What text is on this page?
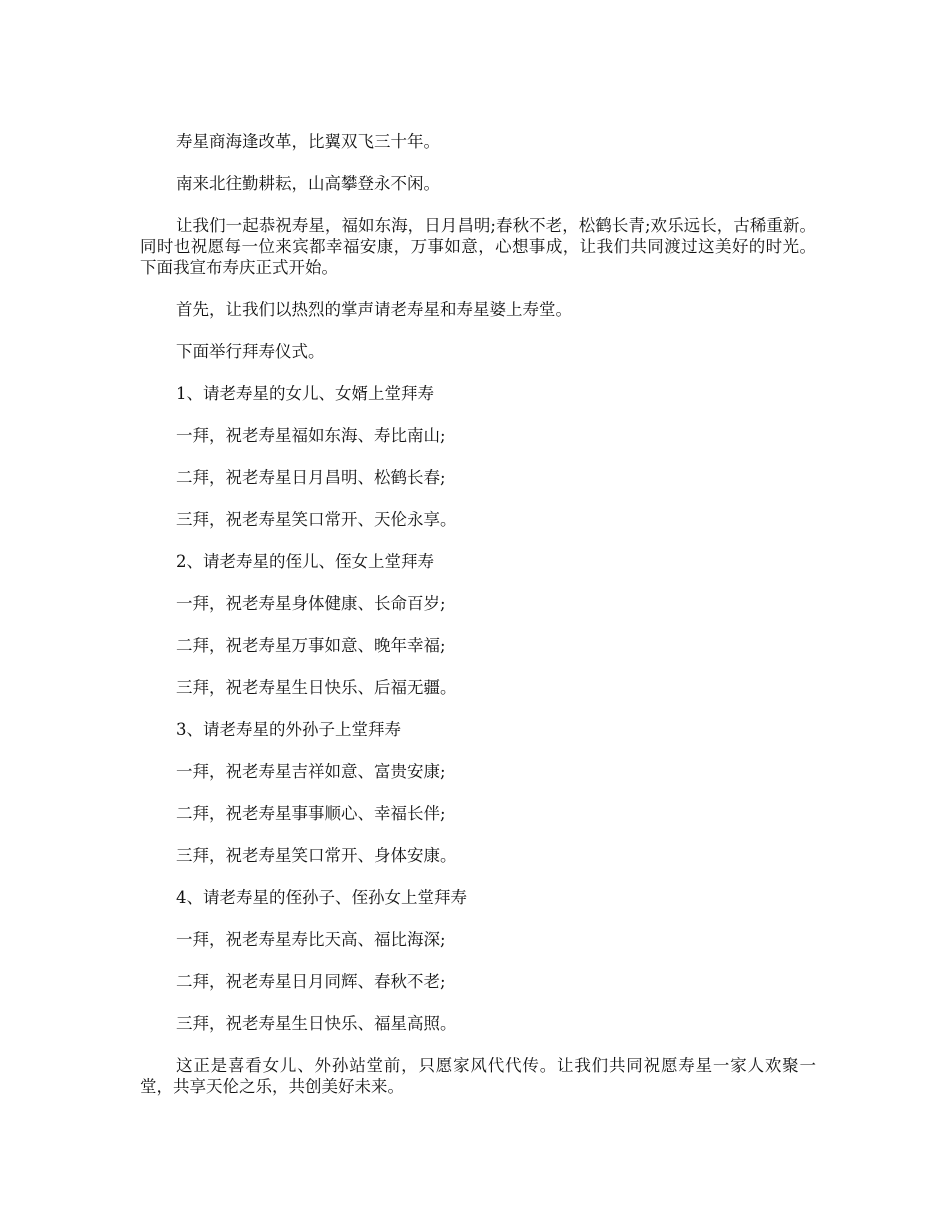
寿星商海逢改革，比翼双飞三十年。

南来北往勤耕耘，山高攀登永不闲。

让我们一起恭祝寿星，福如东海，日月昌明;春秋不老，松鹤长青;欢乐远长，古稀重新。同时也祝愿每一位来宾都幸福安康，万事如意，心想事成，让我们共同渡过这美好的时光。下面我宣布寿庆正式开始。

首先，让我们以热烈的掌声请老寿星和寿星婆上寿堂。

下面举行拜寿仪式。

1、请老寿星的女儿、女婿上堂拜寿

一拜，祝老寿星福如东海、寿比南山;

二拜，祝老寿星日月昌明、松鹤长春;

三拜，祝老寿星笑口常开、天伦永享。

2、请老寿星的侄儿、侄女上堂拜寿

一拜，祝老寿星身体健康、长命百岁;

二拜，祝老寿星万事如意、晚年幸福;

三拜，祝老寿星生日快乐、后福无疆。

3、请老寿星的外孙子上堂拜寿

一拜，祝老寿星吉祥如意、富贵安康;

二拜，祝老寿星事事顺心、幸福长伴;

三拜，祝老寿星笑口常开、身体安康。

4、请老寿星的侄孙子、侄孙女上堂拜寿

一拜，祝老寿星寿比天高、福比海深;

二拜，祝老寿星日月同辉、春秋不老;

三拜，祝老寿星生日快乐、福星高照。

这正是喜看女儿、外孙站堂前，只愿家风代代传。让我们共同祝愿寿星一家人欢聚一堂，共享天伦之乐，共创美好未来。
